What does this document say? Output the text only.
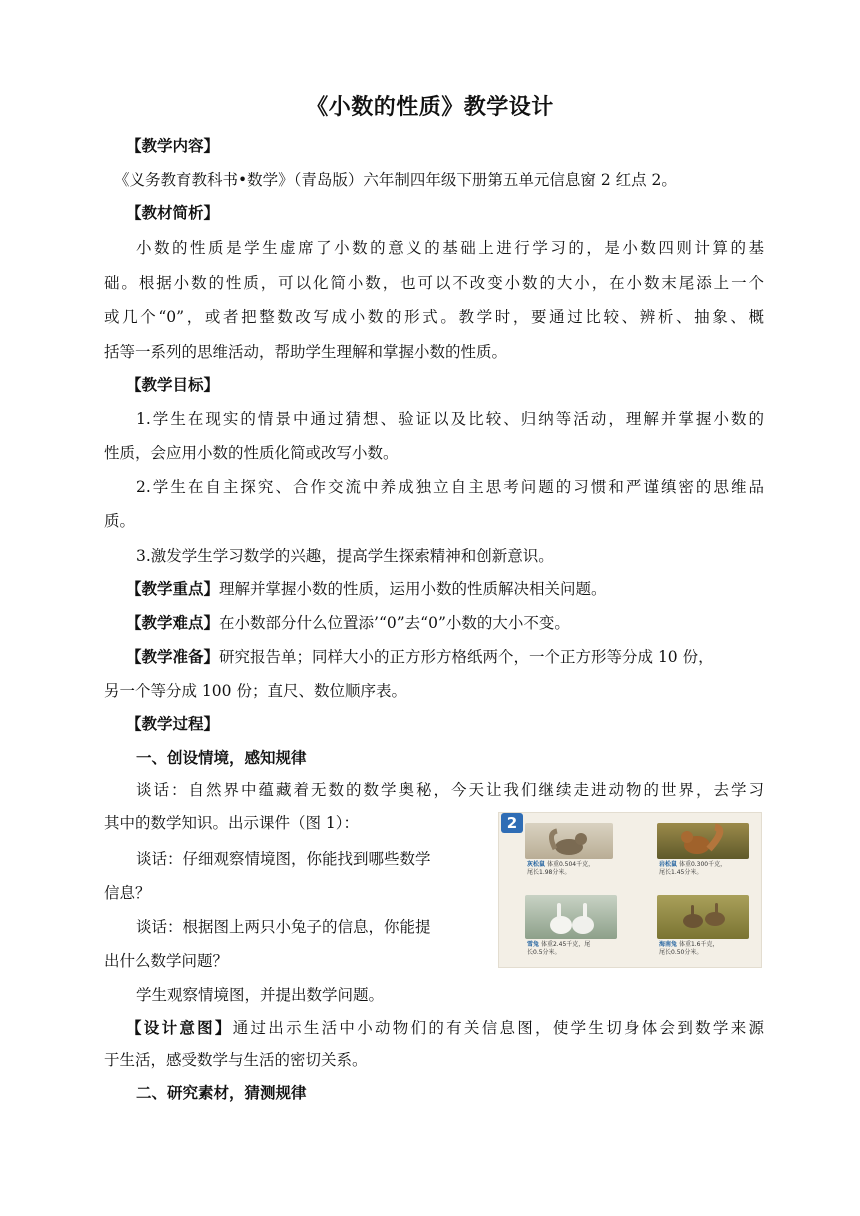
《小数的性质》教学设计
【教学内容】
《义务教育教科书•数学》（青岛版）六年制四年级下册第五单元信息窗 2 红点 2。
【教材简析】
小数的性质是学生虚席了小数的意义的基础上进行学习的，是小数四则计算的基
础。根据小数的性质，可以化简小数，也可以不改变小数的大小，在小数末尾添上一个
或几个“0”，或者把整数改写成小数的形式。教学时，要通过比较、辨析、抽象、概
括等一系列的思维活动，帮助学生理解和掌握小数的性质。
【教学目标】
1.学生在现实的情景中通过猜想、验证以及比较、归纳等活动，理解并掌握小数的
性质，会应用小数的性质化简或改写小数。
2.学生在自主探究、合作交流中养成独立自主思考问题的习惯和严谨缜密的思维品
质。
3.激发学生学习数学的兴趣，提高学生探索精神和创新意识。
【教学重点】理解并掌握小数的性质，运用小数的性质解决相关问题。
【教学难点】在小数部分什么位置添’“0”去“0”小数的大小不变。
【教学准备】研究报告单；同样大小的正方形方格纸两个，一个正方形等分成 10 份，
另一个等分成 100 份；直尺、数位顺序表。
【教学过程】
一、创设情境，感知规律
谈话：自然界中蕴藏着无数的数学奥秘，今天让我们继续走进动物的世界，去学习
其中的数学知识。出示课件（图 1）：
谈话：仔细观察情境图，你能找到哪些数学
信息？
谈话：根据图上两只小兔子的信息，你能提
出什么数学问题？
学生观察情境图，并提出数学问题。
【设计意图】通过出示生活中小动物们的有关信息图，使学生切身体会到数学来源
于生活，感受数学与生活的密切关系。
二、研究素材，猜测规律
2
灰松鼠 体重0.504千克，
尾长1.98分米。
岩松鼠 体重0.300千克，
尾长1.45分米。
雪兔 体重2.45千克，尾
长0.5分米。
海南兔 体重1.6千克，
尾长0.50分米。
